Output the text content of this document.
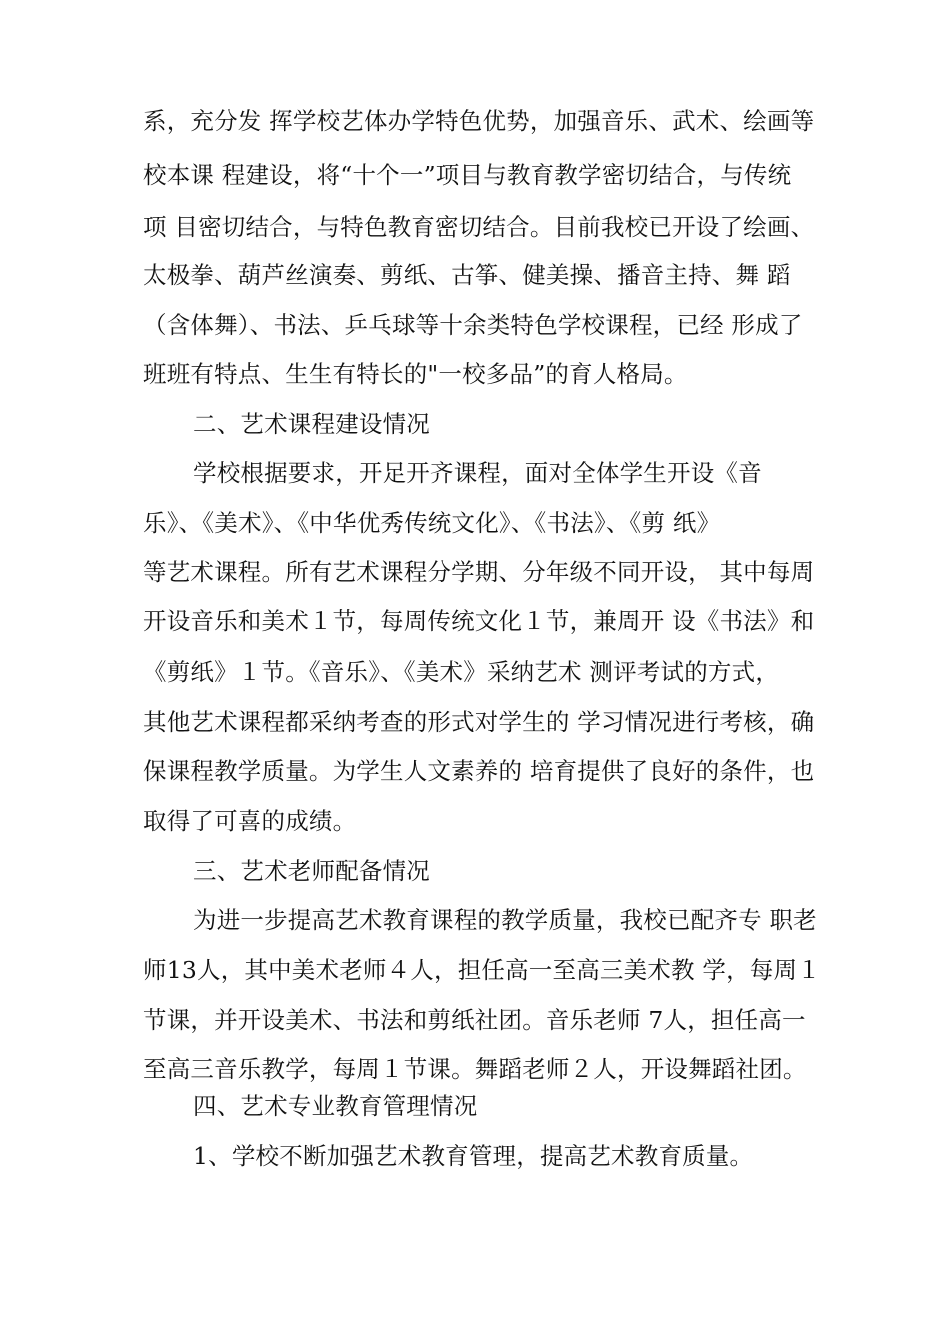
系，充分发 挥学校艺体办学特色优势，加强音乐、武术、绘画等
校本课 程建设，将“十个一”项目与教育教学密切结合，与传统
项 目密切结合，与特色教育密切结合。目前我校已开设了绘画、
太极拳、葫芦丝演奏、剪纸、古筝、健美操、播音主持、舞 蹈
（含体舞）、书法、乒乓球等十余类特色学校课程，已经 形成了
班班有特点、生生有特长的"一校多品”的育人格局。
二、艺术课程建设情况
学校根据要求，开足开齐课程，面对全体学生开设《音
乐》、《美术》、《中华优秀传统文化》、《书法》、《剪 纸》
等艺术课程。所有艺术课程分学期、分年级不同开设， 其中每周
开设音乐和美术１节，每周传统文化１节，兼周开 设《书法》和
《剪纸》１节。《音乐》、《美术》采纳艺术 测评考试的方式，
其他艺术课程都采纳考查的形式对学生的 学习情况进行考核，确
保课程教学质量。为学生人文素养的 培育提供了良好的条件，也
取得了可喜的成绩。
三、艺术老师配备情况
为进一步提高艺术教育课程的教学质量，我校已配齐专 职老
师13人，其中美术老师４人，担任高一至高三美术教 学，每周１
节课，并开设美术、书法和剪纸社团。音乐老师 7人，担任高一
至高三音乐教学，每周１节课。舞蹈老师２人，开设舞蹈社团。
四、艺术专业教育管理情况
1、学校不断加强艺术教育管理，提高艺术教育质量。
